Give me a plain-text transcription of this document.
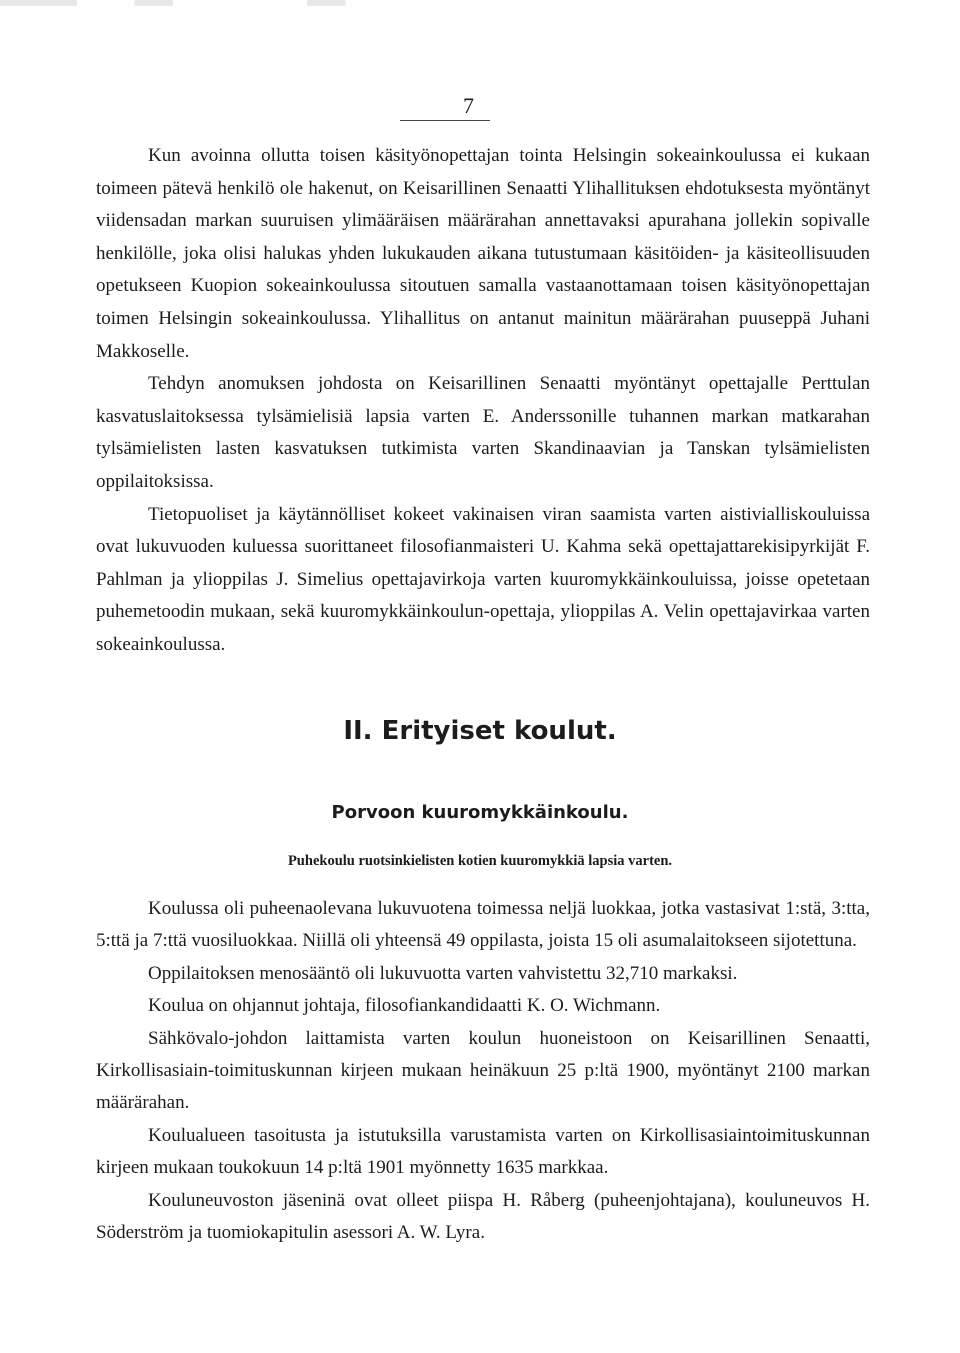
7

Kun avoinna ollutta toisen käsityönopettajan tointa Helsingin sokeainkoulussa ei kukaan toimeen pätevä henkilö ole hakenut, on Keisarillinen Senaatti Ylihallituksen ehdotuksesta myöntänyt viidensadan markan suuruisen ylimääräisen määrärahan annettavaksi apurahana jollekin sopivalle henkilölle, joka olisi halukas yhden lukukauden aikana tutustumaan käsitöiden- ja käsiteollisuuden opetukseen Kuopion sokeainkoulussa sitoutuen samalla vastaanottamaan toisen käsityönopettajan toimen Helsingin sokeainkoulussa. Ylihallitus on antanut mainitun määrärahan puuseppä Juhani Makkoselle.

Tehdyn anomuksen johdosta on Keisarillinen Senaatti myöntänyt opettajalle Perttulan kasvatuslaitoksessa tylsämielisiä lapsia varten E. Anderssonille tuhannen markan matkarahan tylsämielisten lasten kasvatuksen tutkimista varten Skandinaavian ja Tanskan tylsämielisten oppilaitoksissa.

Tietopuoliset ja käytännölliset kokeet vakinaisen viran saamista varten aistivialliskouluissa ovat lukuvuoden kuluessa suorittaneet filosofianmaisteri U. Kahma sekä opettajattarekisipyrkijät F. Pahlman ja ylioppilas J. Simelius opettajavirkoja varten kuuromykkäinkouluissa, joisse opetetaan puhemetoodin mukaan, sekä kuuromykkäinkoulun-opettaja, ylioppilas A. Velin opettajavirkaa varten sokeainkoulussa.

II. Erityiset koulut.
Porvoon kuuromykkäinkoulu.
Puhekoulu ruotsinkielisten kotien kuuromykkiä lapsia varten.

Koulussa oli puheenaolevana lukuvuotena toimessa neljä luokkaa, jotka vastasivat 1:stä, 3:tta, 5:ttä ja 7:ttä vuosiluokkaa. Niillä oli yhteensä 49 oppilasta, joista 15 oli asumalaitokseen sijotettuna.

Oppilaitoksen menosääntö oli lukuvuotta varten vahvistettu 32,710 markaksi.

Koulua on ohjannut johtaja, filosofiankandidaatti K. O. Wichmann.

Sähkövalo-johdon laittamista varten koulun huoneistoon on Keisarillinen Senaatti, Kirkollisasiain-toimituskunnan kirjeen mukaan heinäkuun 25 p:ltä 1900, myöntänyt 2100 markan määrärahan.

Koulualueen tasoitusta ja istutuksilla varustamista varten on Kirkollisasiaintoimituskunnan kirjeen mukaan toukokuun 14 p:ltä 1901 myönnetty 1635 markkaa.

Kouluneuvoston jäseninä ovat olleet piispa H. Råberg (puheenjohtajana), kouluneuvos H. Söderström ja tuomiokapitulin asessori A. W. Lyra.
